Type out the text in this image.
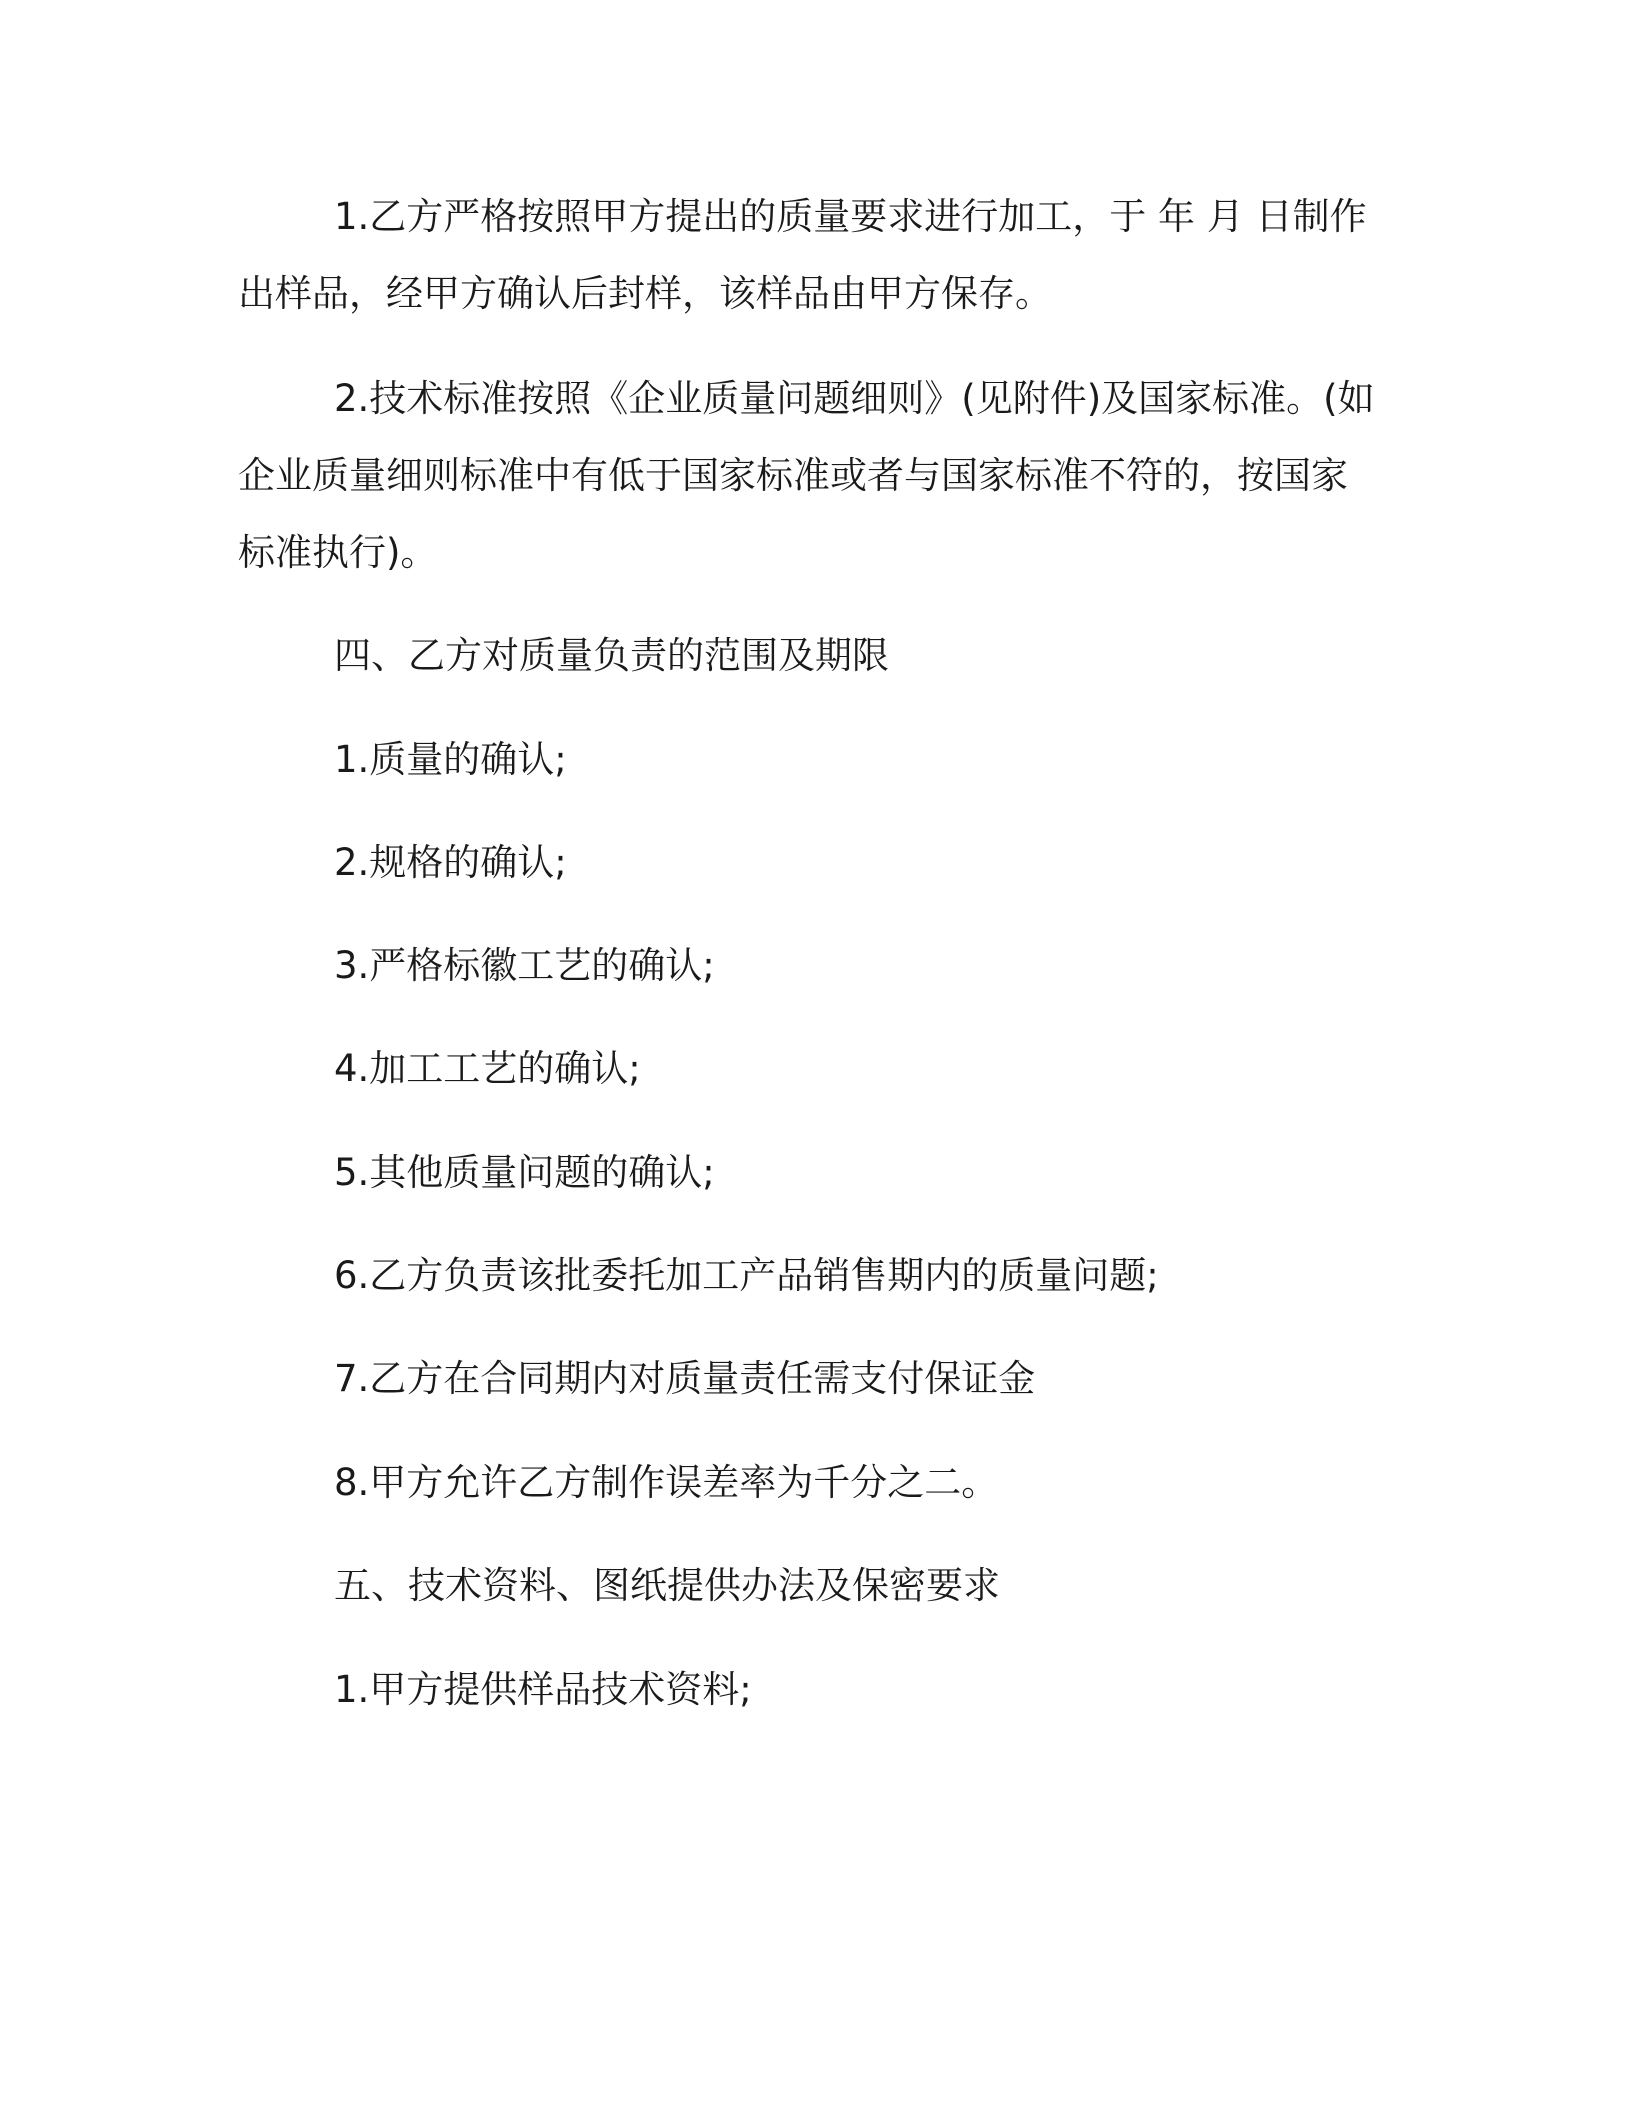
1.乙方严格按照甲方提出的质量要求进行加工，于 年 月 日制作
出样品，经甲方确认后封样，该样品由甲方保存。
2.技术标准按照《企业质量问题细则》(见附件)及国家标准。(如
企业质量细则标准中有低于国家标准或者与国家标准不符的，按国家
标准执行)。

四、乙方对质量负责的范围及期限

1.质量的确认;

2.规格的确认;

3.严格标徽工艺的确认;

4.加工工艺的确认;

5.其他质量问题的确认;

6.乙方负责该批委托加工产品销售期内的质量问题;

7.乙方在合同期内对质量责任需支付保证金

8.甲方允许乙方制作误差率为千分之二。

五、技术资料、图纸提供办法及保密要求

1.甲方提供样品技术资料;
